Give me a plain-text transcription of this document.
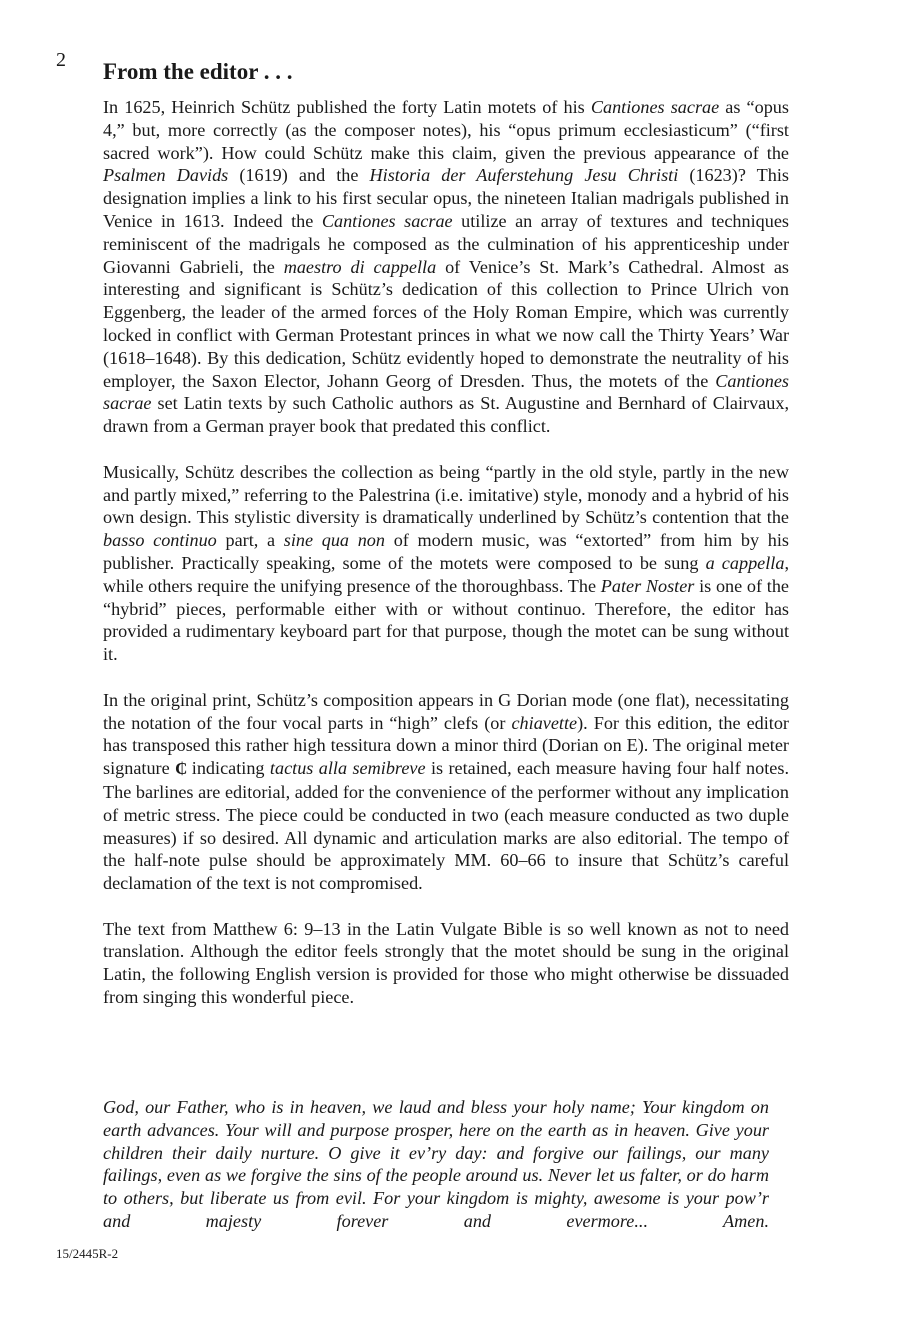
2 From the editor . . .

In 1625, Heinrich Schütz published the forty Latin motets of his Cantiones sacrae as “opus 4,” but, more correctly (as the composer notes), his “opus primum ecclesiasticum” (“first sacred work”). How could Schütz make this claim, given the previous appearance of the Psalmen Davids (1619) and the Historia der Auferstehung Jesu Christi (1623)? This designation implies a link to his first secular opus, the nineteen Italian madrigals published in Venice in 1613. Indeed the Cantiones sacrae utilize an array of textures and techniques reminiscent of the madrigals he composed as the culmination of his apprenticeship under Giovanni Gabrieli, the maestro di cappella of Venice’s St. Mark’s Cathedral. Almost as interesting and significant is Schütz’s dedication of this collection to Prince Ulrich von Eggenberg, the leader of the armed forces of the Holy Roman Empire, which was currently locked in conflict with German Protestant princes in what we now call the Thirty Years’ War (1618–1648). By this dedication, Schütz evidently hoped to demonstrate the neutrality of his employer, the Saxon Elector, Johann Georg of Dresden. Thus, the motets of the Cantiones sacrae set Latin texts by such Catholic authors as St. Augustine and Bernhard of Clairvaux, drawn from a German prayer book that predated this conflict.

Musically, Schütz describes the collection as being “partly in the old style, partly in the new and partly mixed,” referring to the Palestrina (i.e. imitative) style, monody and a hybrid of his own design. This stylistic diversity is dramatically underlined by Schütz’s contention that the basso continuo part, a sine qua non of modern music, was “extorted” from him by his publisher. Practically speaking, some of the motets were composed to be sung a cappella, while others require the unifying presence of the thoroughbass. The Pater Noster is one of the “hybrid” pieces, performable either with or without continuo. Therefore, the editor has provided a rudimentary keyboard part for that purpose, though the motet can be sung without it.

In the original print, Schütz’s composition appears in G Dorian mode (one flat), necessitating the notation of the four vocal parts in “high” clefs (or chiavette). For this edition, the editor has transposed this rather high tessitura down a minor third (Dorian on E). The original meter signature ₵ indicating tactus alla semibreve is retained, each measure having four half notes. The barlines are editorial, added for the convenience of the performer without any implication of metric stress. The piece could be conducted in two (each measure conducted as two duple measures) if so desired. All dynamic and articulation marks are also editorial. The tempo of the half-note pulse should be approximately MM. 60–66 to insure that Schütz’s careful declamation of the text is not compromised.

The text from Matthew 6: 9–13 in the Latin Vulgate Bible is so well known as not to need translation. Although the editor feels strongly that the motet should be sung in the original Latin, the following English version is provided for those who might otherwise be dissuaded from singing this wonderful piece.

God, our Father, who is in heaven, we laud and bless your holy name; Your kingdom on earth advances. Your will and purpose prosper, here on the earth as in heaven. Give your children their daily nurture. O give it ev’ry day: and forgive our failings, our many failings, even as we forgive the sins of the people around us. Never let us falter, or do harm to others, but liberate us from evil. For your kingdom is mighty, awesome is your pow’r and majesty forever and evermore... Amen.

15/2445R-2
